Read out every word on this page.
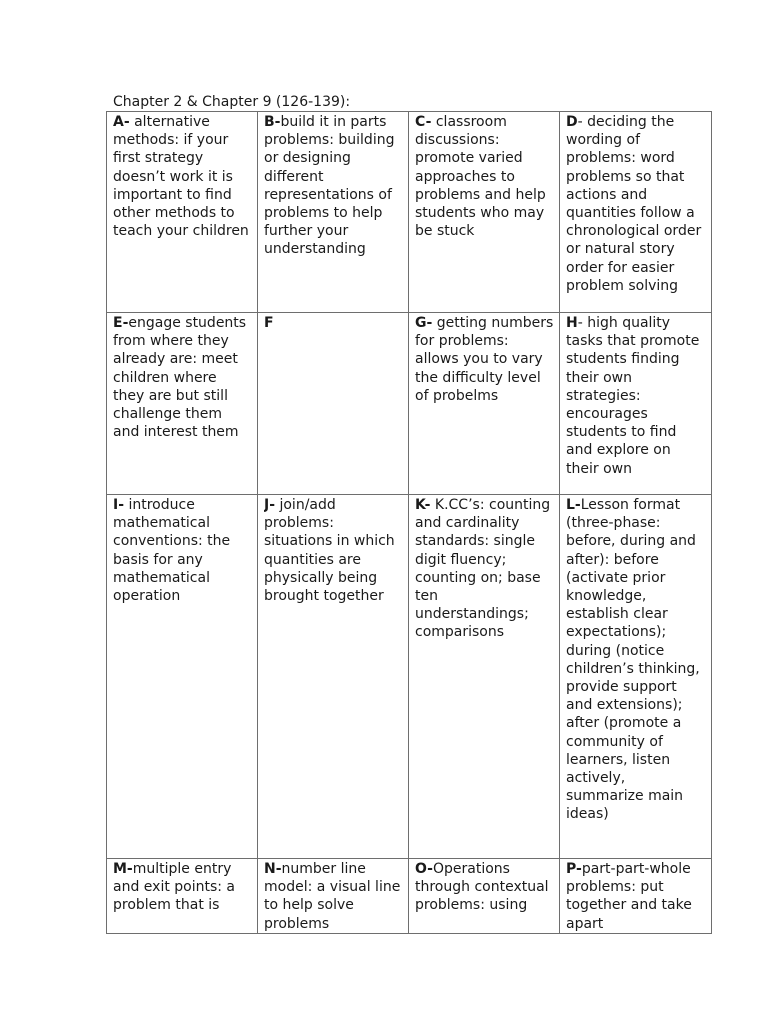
Chapter 2 & Chapter 9 (126-139):
A- alternative methods: if your first strategy doesn’t work it is important to find other methods to teach your children	B-build it in parts problems: building or designing different representations of problems to help further your understanding	C- classroom discussions: promote varied approaches to problems and help students who may be stuck	D- deciding the wording of problems: word problems so that actions and quantities follow a chronological order or natural story order for easier problem solving

E-engage students from where they already are: meet children where they are but still challenge them and interest them	F	G- getting numbers for problems: allows you to vary the difficulty level of probelms	H- high quality tasks that promote students finding their own strategies: encourages students to find and explore on their own

I- introduce mathematical conventions: the basis for any mathematical operation	J- join/add problems: situations in which quantities are physically being brought together	K- K.CC’s: counting and cardinality standards: single digit fluency; counting on; base ten understandings; comparisons	L-Lesson format (three-phase: before, during and after): before (activate prior knowledge, establish clear expectations); during (notice children’s thinking, provide support and extensions); after (promote a community of learners, listen actively, summarize main ideas)

M-multiple entry and exit points: a problem that is	N-number line model: a visual line to help solve problems	O-Operations through contextual problems: using	P-part-part-whole problems: put together and take apart
